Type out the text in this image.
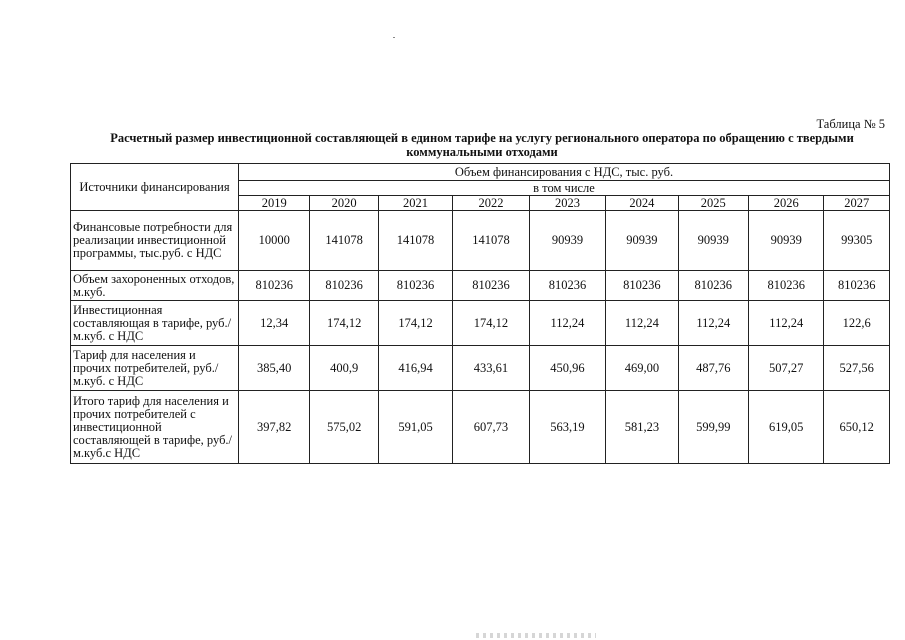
Таблица № 5
Расчетный размер инвестиционной составляющей в едином тарифе на услугу регионального оператора по обращению с твердыми коммунальными отходами
Источники финансирования	Объем финансирования с НДС, тыс. руб.								
	в том числе								
	2019	2020	2021	2022	2023	2024	2025	2026	2027
Финансовые потребности для реализации инвестиционной программы, тыс.руб. с НДС	10000	141078	141078	141078	90939	90939	90939	90939	99305
Объем захороненных отходов, м.куб.	810236	810236	810236	810236	810236	810236	810236	810236	810236
Инвестиционная составляющая в тарифе, руб./м.куб. с НДС	12,34	174,12	174,12	174,12	112,24	112,24	112,24	112,24	122,6
Тариф для населения и прочих потребителей, руб./м.куб. с НДС	385,40	400,9	416,94	433,61	450,96	469,00	487,76	507,27	527,56
Итого тариф для населения и прочих потребителей с инвестиционной составляющей в тарифе, руб./м.куб.с НДС	397,82	575,02	591,05	607,73	563,19	581,23	599,99	619,05	650,12
